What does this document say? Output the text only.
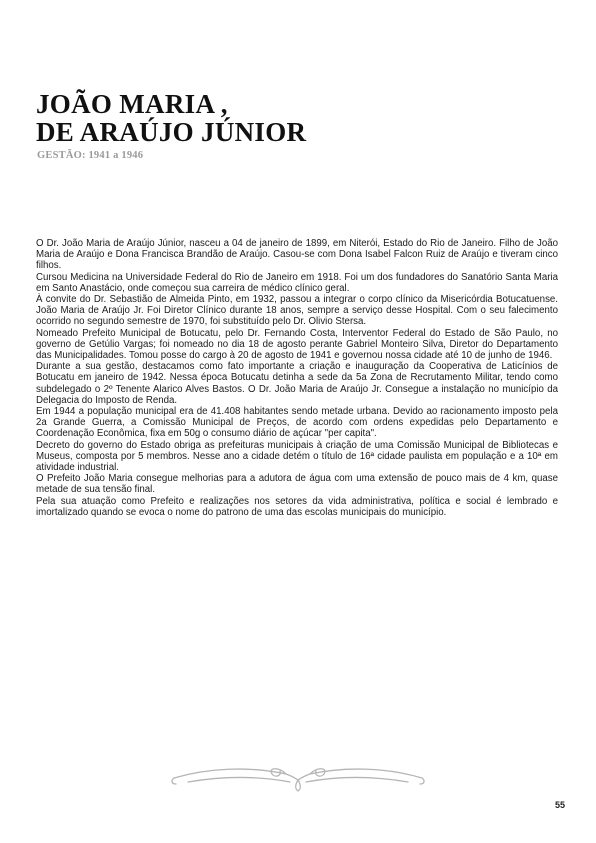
JOÃO MARIA ,
DE ARAÚJO JÚNIOR
GESTÃO: 1941 a 1946

O Dr. João Maria de Araújo Júnior, nasceu a 04 de janeiro de 1899, em Niterói, Estado do Rio de Janeiro. Filho de João Maria de Araújo e Dona Francisca Brandão de Araújo. Casou-se com Dona Isabel Falcon Ruiz de Araújo e tiveram cinco filhos.

Cursou Medicina na Universidade Federal do Rio de Janeiro em 1918. Foi um dos fundadores do Sanatório Santa Maria em Santo Anastácio, onde começou sua carreira de médico clínico geral.

À convite do Dr. Sebastião de Almeida Pinto, em 1932, passou a integrar o corpo clínico da Misericórdia Botucatuense. João Maria de Araújo Jr. Foi Diretor Clínico durante 18 anos, sempre a serviço desse Hospital. Com o seu falecimento ocorrido no segundo semestre de 1970, foi substituído pelo Dr. Olivio Stersa.

Nomeado Prefeito Municipal de Botucatu, pelo Dr. Fernando Costa, Interventor Federal do Estado de São Paulo, no governo de Getúlio Vargas; foi nomeado no dia 18 de agosto perante Gabriel Monteiro Silva, Diretor do Departamento das Municipalidades. Tomou posse do cargo à 20 de agosto de 1941 e governou nossa cidade até 10 de junho de 1946.

Durante a sua gestão, destacamos como fato importante a criação e inauguração da Cooperativa de Laticínios de Botucatu em janeiro de 1942. Nessa época Botucatu detinha a sede da 5a Zona de Recrutamento Militar, tendo como subdelegado o 2º Tenente Alarico Alves Bastos. O Dr. João Maria de Araújo Jr. Consegue a instalação no município da Delegacia do Imposto de Renda.

Em 1944 a população municipal era de 41.408 habitantes sendo metade urbana. Devido ao racionamento imposto pela 2a Grande Guerra, a Comissão Municipal de Preços, de acordo com ordens expedidas pelo Departamento e Coordenação Econômica, fixa em 50g o consumo diário de açúcar "per capita".

Decreto do governo do Estado obriga as prefeituras municipais à criação de uma Comissão Municipal de Bibliotecas e Museus, composta por 5 membros. Nesse ano a cidade detém o título de 16ª cidade paulista em população e a 10ª em atividade industrial.

O Prefeito João Maria consegue melhorias para a adutora de água com uma extensão de pouco mais de 4 km, quase metade de sua tensão final.

Pela sua atuação como Prefeito e realizações nos setores da vida administrativa, política e social é lembrado e imortalizado quando se evoca o nome do patrono de uma das escolas municipais do município.

55
